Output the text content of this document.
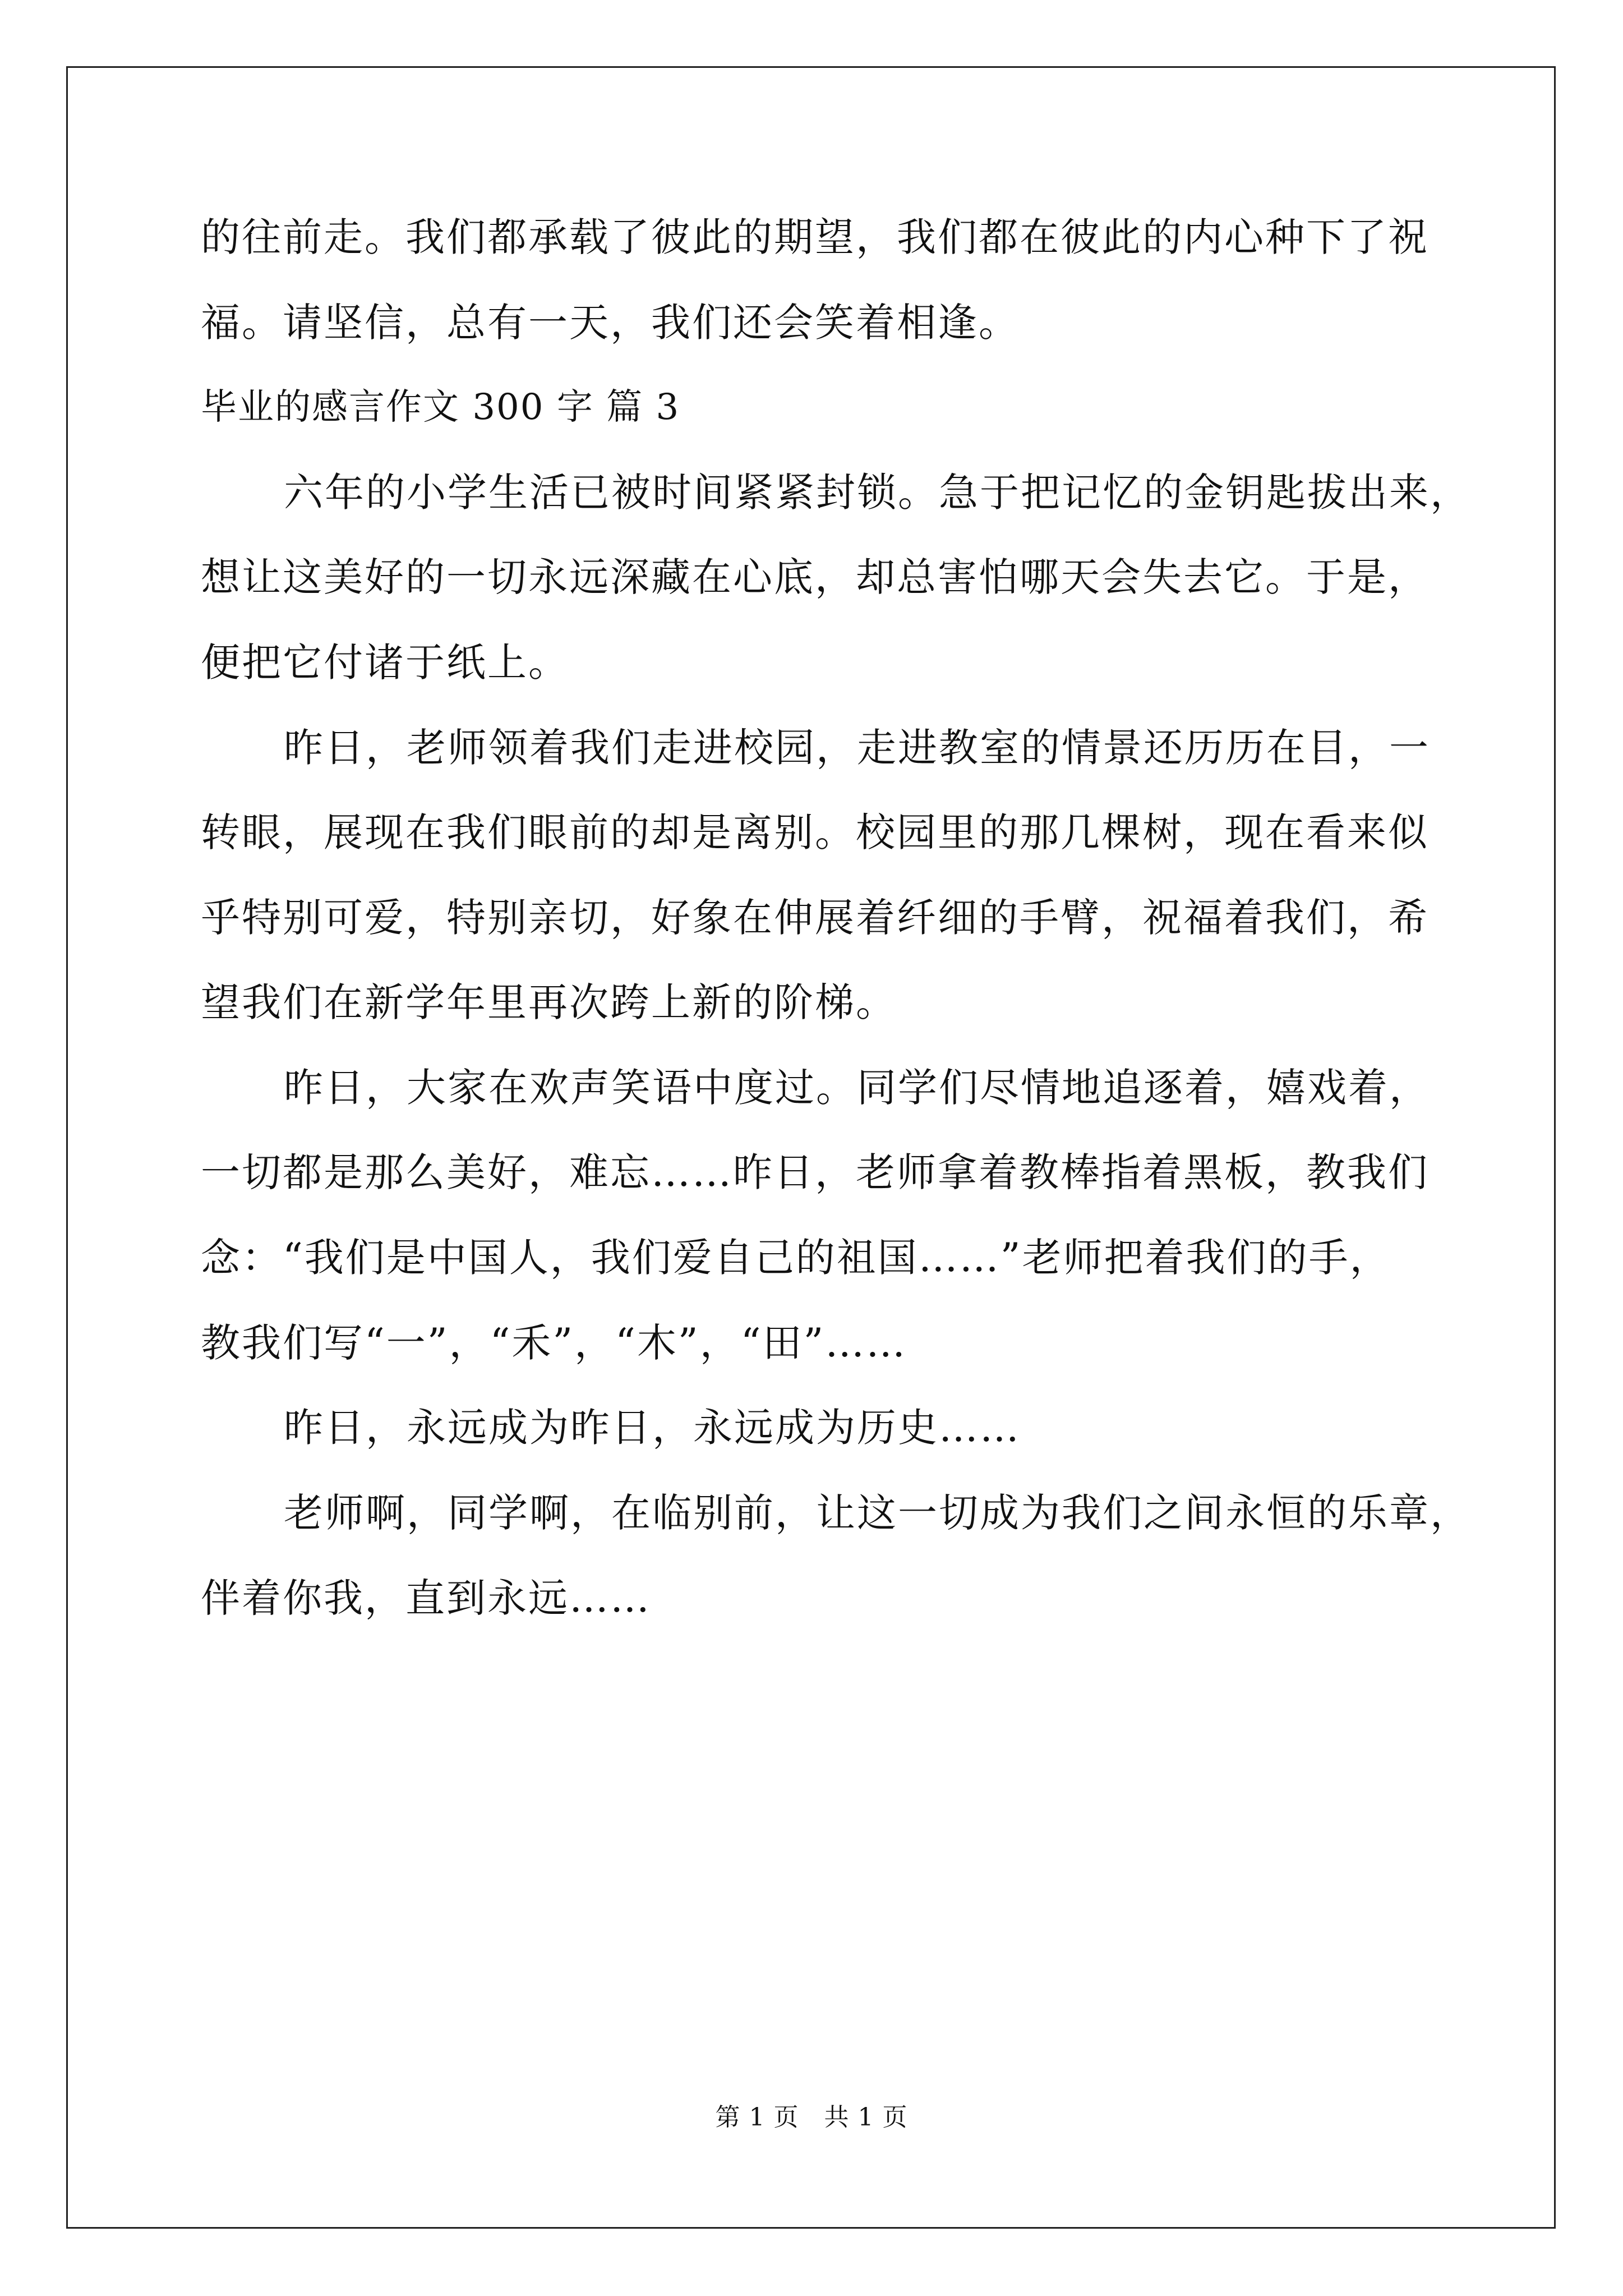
的往前走。我们都承载了彼此的期望，我们都在彼此的内心种下了祝
福。请坚信，总有一天，我们还会笑着相逢。
毕业的感言作文 300 字 篇 3
六年的小学生活已被时间紧紧封锁。急于把记忆的金钥匙拔出来，
想让这美好的一切永远深藏在心底，却总害怕哪天会失去它。于是，
便把它付诸于纸上。
昨日，老师领着我们走进校园，走进教室的情景还历历在目，一
转眼，展现在我们眼前的却是离别。校园里的那几棵树，现在看来似
乎特别可爱，特别亲切，好象在伸展着纤细的手臂，祝福着我们，希
望我们在新学年里再次跨上新的阶梯。
昨日，大家在欢声笑语中度过。同学们尽情地追逐着，嬉戏着，
一切都是那么美好，难忘……昨日，老师拿着教棒指着黑板，教我们
念：“我们是中国人，我们爱自己的祖国……”老师把着我们的手，
教我们写“一”，“禾”，“木”，“田”……
昨日，永远成为昨日，永远成为历史……
老师啊，同学啊，在临别前，让这一切成为我们之间永恒的乐章，
伴着你我，直到永远……
第 1 页   共 1 页
